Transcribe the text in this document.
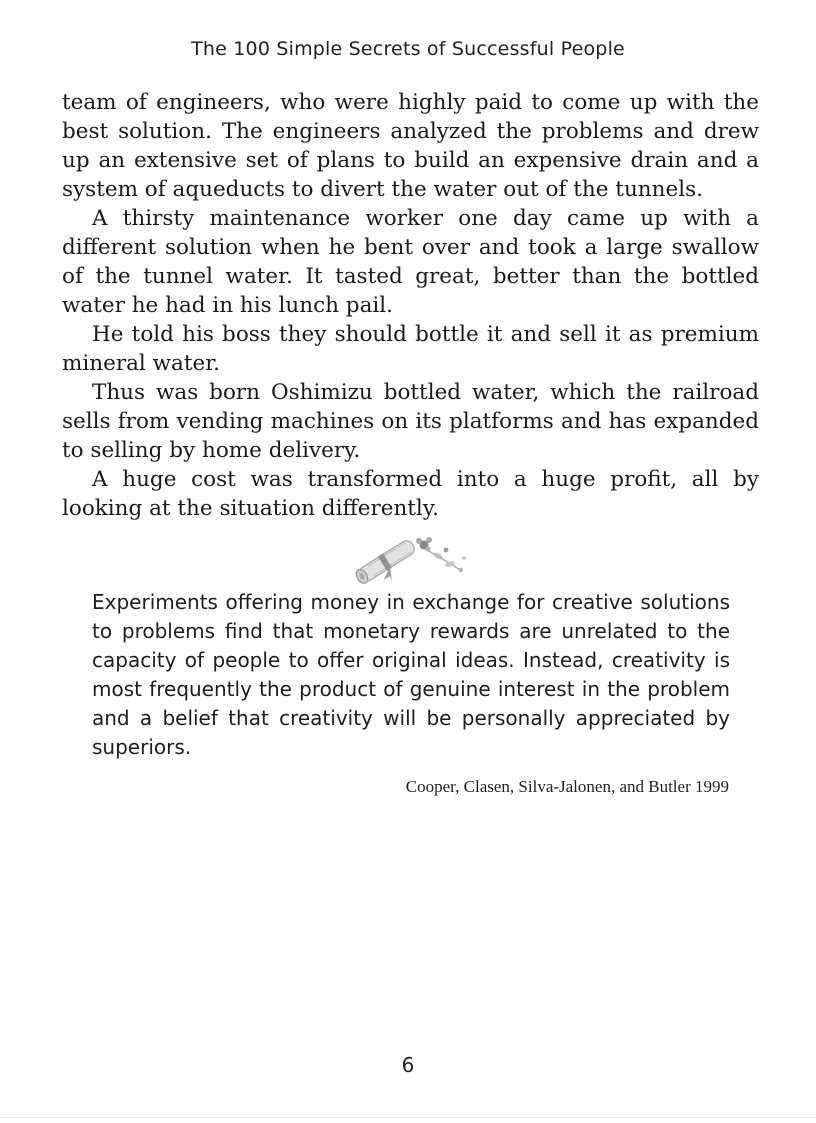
The 100 Simple Secrets of Successful People

team of engineers, who were highly paid to come up with the best solution. The engineers analyzed the problems and drew up an extensive set of plans to build an expensive drain and a system of aqueducts to divert the water out of the tunnels.

A thirsty maintenance worker one day came up with a different solution when he bent over and took a large swallow of the tunnel water. It tasted great, better than the bottled water he had in his lunch pail.

He told his boss they should bottle it and sell it as premium mineral water.

Thus was born Oshimizu bottled water, which the railroad sells from vending machines on its platforms and has expanded to selling by home delivery.

A huge cost was transformed into a huge profit, all by looking at the situation differently.

Experiments offering money in exchange for creative solutions to problems find that monetary rewards are unrelated to the capacity of people to offer original ideas. Instead, creativity is most frequently the product of genuine interest in the problem and a belief that creativity will be personally appreciated by superiors.

Cooper, Clasen, Silva-Jalonen, and Butler 1999
6
